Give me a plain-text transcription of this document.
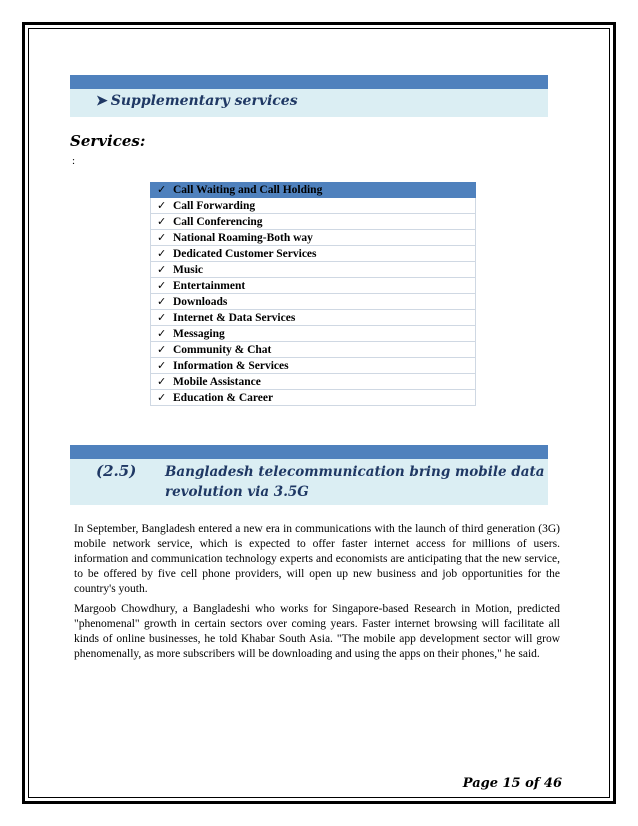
➤ Supplementary services
Services:
:
✓ Call Waiting and Call Holding
✓ Call Forwarding
✓ Call Conferencing
✓ National Roaming-Both way
✓ Dedicated Customer Services
✓ Music
✓ Entertainment
✓ Downloads
✓ Internet & Data Services
✓ Messaging
✓ Community & Chat
✓ Information & Services
✓ Mobile Assistance
✓ Education & Career
(2.5) Bangladesh telecommunication bring mobile data revolution via 3.5G

In September, Bangladesh entered a new era in communications with the launch of third generation (3G) mobile network service, which is expected to offer faster internet access for millions of users. information and communication technology experts and economists are anticipating that the new service, to be offered by five cell phone providers, will open up new business and job opportunities for the country's youth.

Margoob Chowdhury, a Bangladeshi who works for Singapore-based Research in Motion, predicted "phenomenal" growth in certain sectors over coming years. Faster internet browsing will facilitate all kinds of online businesses, he told Khabar South Asia. "The mobile app development sector will grow phenomenally, as more subscribers will be downloading and using the apps on their phones," he said.

Page 15 of 46
